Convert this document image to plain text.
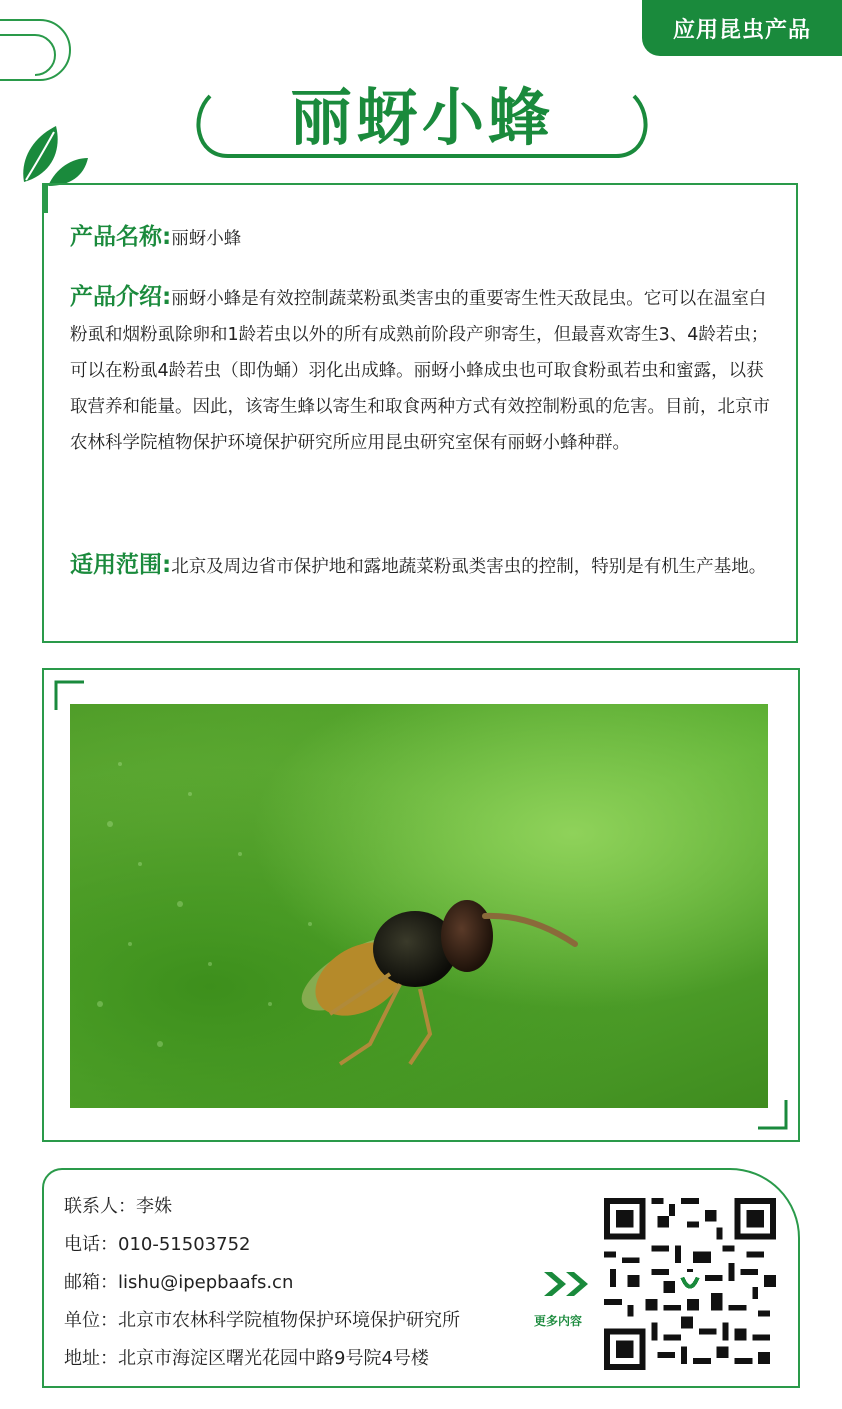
应用昆虫产品
丽蚜小蜂
产品名称:丽蚜小蜂
产品介绍:丽蚜小蜂是有效控制蔬菜粉虱类害虫的重要寄生性天敌昆虫。它可以在温室白粉虱和烟粉虱除卵和1龄若虫以外的所有成熟前阶段产卵寄生，但最喜欢寄生3、4龄若虫；可以在粉虱4龄若虫（即伪蛹）羽化出成蜂。丽蚜小蜂成虫也可取食粉虱若虫和蜜露，以获取营养和能量。因此，该寄生蜂以寄生和取食两种方式有效控制粉虱的危害。目前，北京市农林科学院植物保护环境保护研究所应用昆虫研究室保有丽蚜小蜂种群。
适用范围:北京及周边省市保护地和露地蔬菜粉虱类害虫的控制，特别是有机生产基地。
联系人：李姝
电话：010-51503752
邮箱：lishu@ipepbaafs.cn
单位：北京市农林科学院植物保护环境保护研究所
地址：北京市海淀区曙光花园中路9号院4号楼
更多内容
